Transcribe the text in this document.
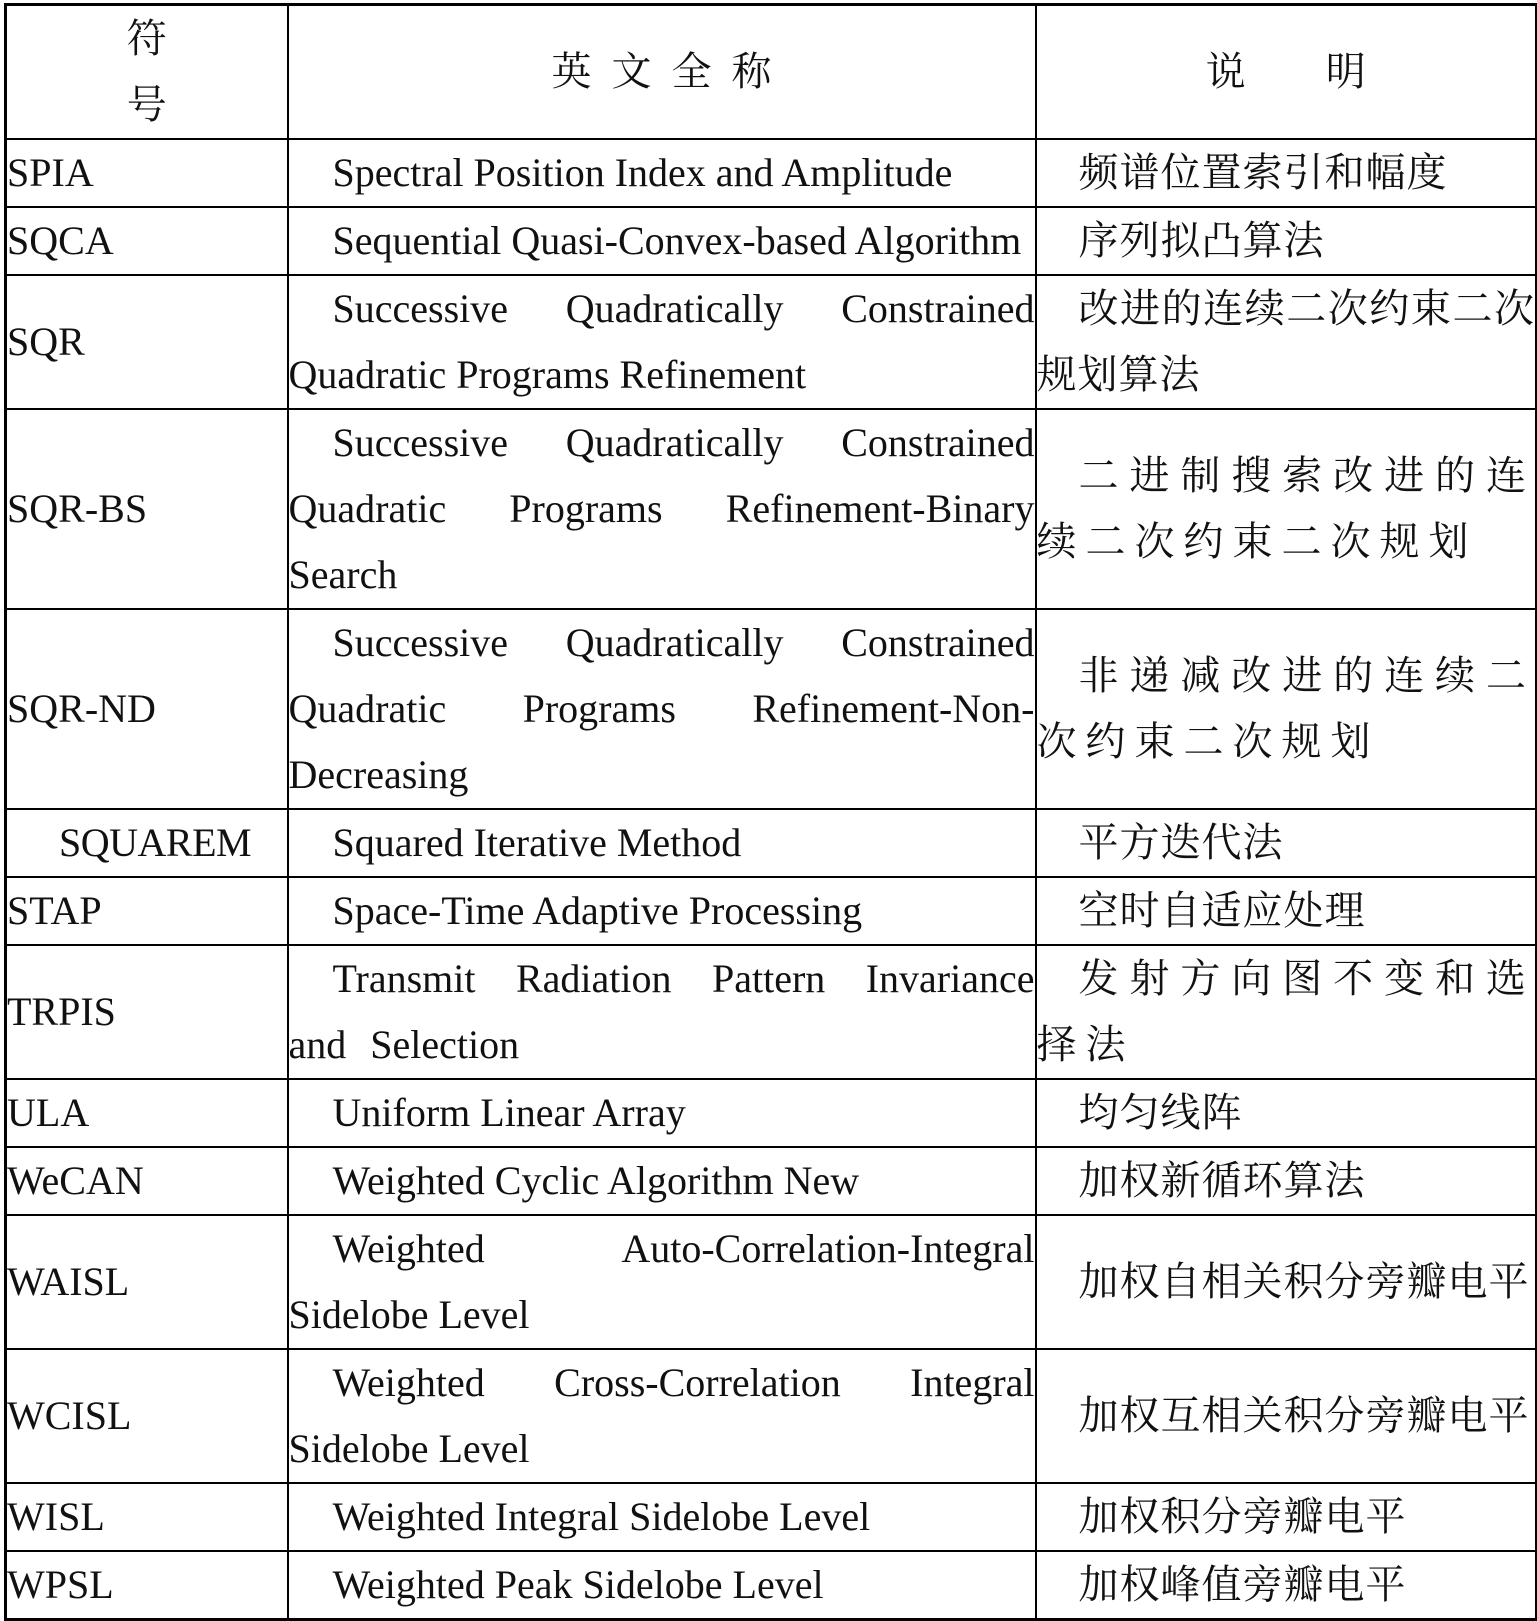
符号	英文全称	说明
SPIA	Spectral Position Index and Amplitude	频谱位置索引和幅度
SQCA	Sequential Quasi-Convex-based Algorithm	序列拟凸算法
SQR	Successive Quadratically Constrained Quadratic Programs Refinement	改进的连续二次约束二次规划算法
SQR-BS	Successive Quadratically Constrained Quadratic Programs Refinement-Binary Search	二进制搜索改进的连续二次约束二次规划
SQR-ND	Successive Quadratically Constrained Quadratic Programs Refinement-Non-Decreasing	非递减改进的连续二次约束二次规划
SQUAREM	Squared Iterative Method	平方迭代法
STAP	Space-Time Adaptive Processing	空时自适应处理
TRPIS	Transmit Radiation Pattern Invariance and Selection	发射方向图不变和选择法
ULA	Uniform Linear Array	均匀线阵
WeCAN	Weighted Cyclic Algorithm New	加权新循环算法
WAISL	Weighted Auto-Correlation-Integral Sidelobe Level	加权自相关积分旁瓣电平
WCISL	Weighted Cross-Correlation Integral Sidelobe Level	加权互相关积分旁瓣电平
WISL	Weighted Integral Sidelobe Level	加权积分旁瓣电平
WPSL	Weighted Peak Sidelobe Level	加权峰值旁瓣电平
